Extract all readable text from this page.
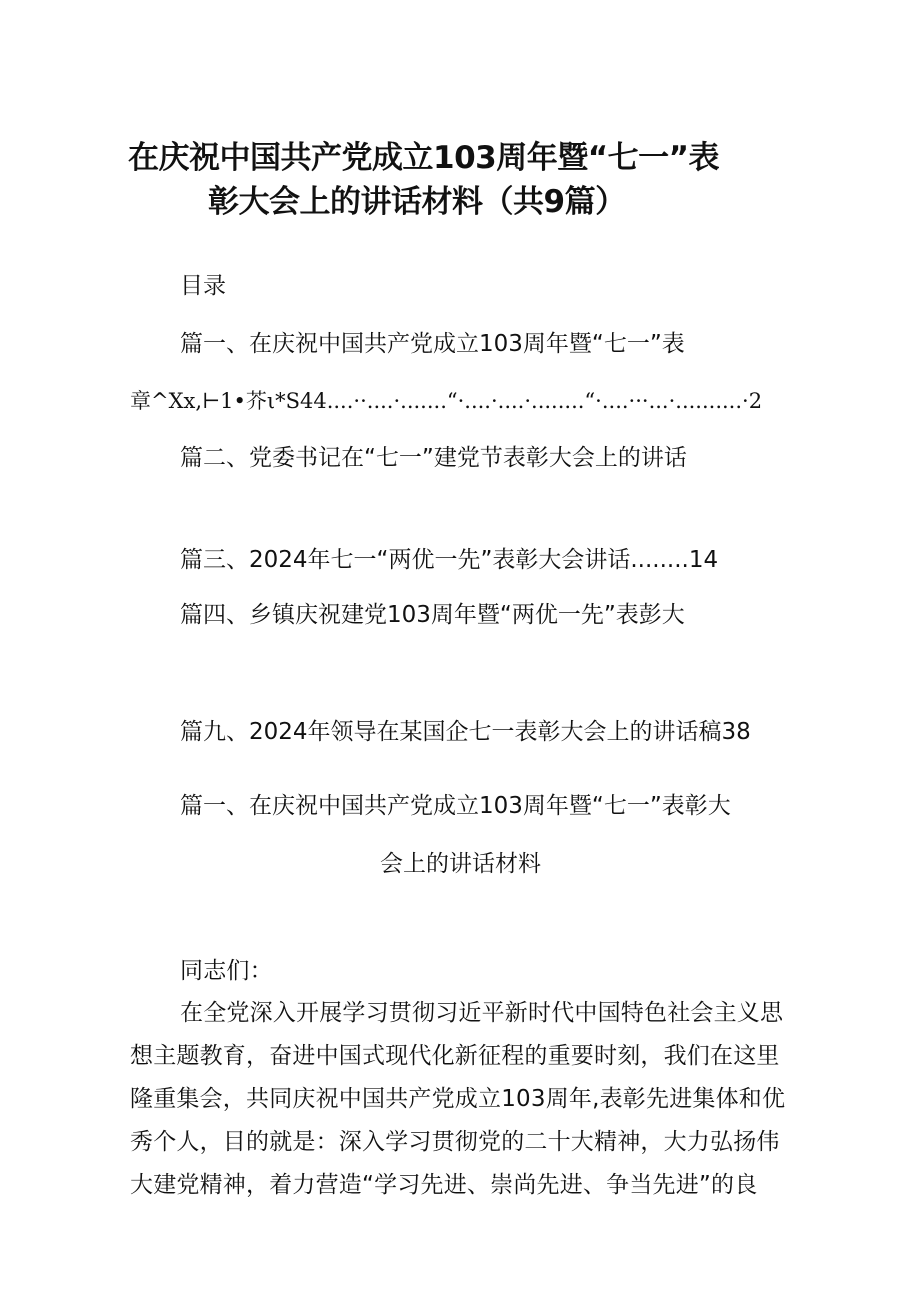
在庆祝中国共产党成立103周年暨“七一”表
彰大会上的讲话材料（共9篇）
目录
篇一、在庆祝中国共产党成立103周年暨“七一”表
章^Xx,⊢1•芥ι*S44....··....·.......“·....·....·........“·....···...·..........·2
篇二、党委书记在“七一”建党节表彰大会上的讲话
篇三、2024年七一“两优一先”表彰大会讲话........14
篇四、乡镇庆祝建党103周年暨“两优一先”表彭大
篇九、2024年领导在某国企七一表彰大会上的讲话稿38
篇一、在庆祝中国共产党成立103周年暨“七一”表彰大
会上的讲话材料
同志们：
在全党深入开展学习贯彻习近平新时代中国特色社会主义思
想主题教育，奋进中国式现代化新征程的重要时刻，我们在这里
隆重集会，共同庆祝中国共产党成立103周年,表彰先进集体和优
秀个人，目的就是：深入学习贯彻党的二十大精神，大力弘扬伟
大建党精神，着力营造“学习先进、崇尚先进、争当先进”的良
